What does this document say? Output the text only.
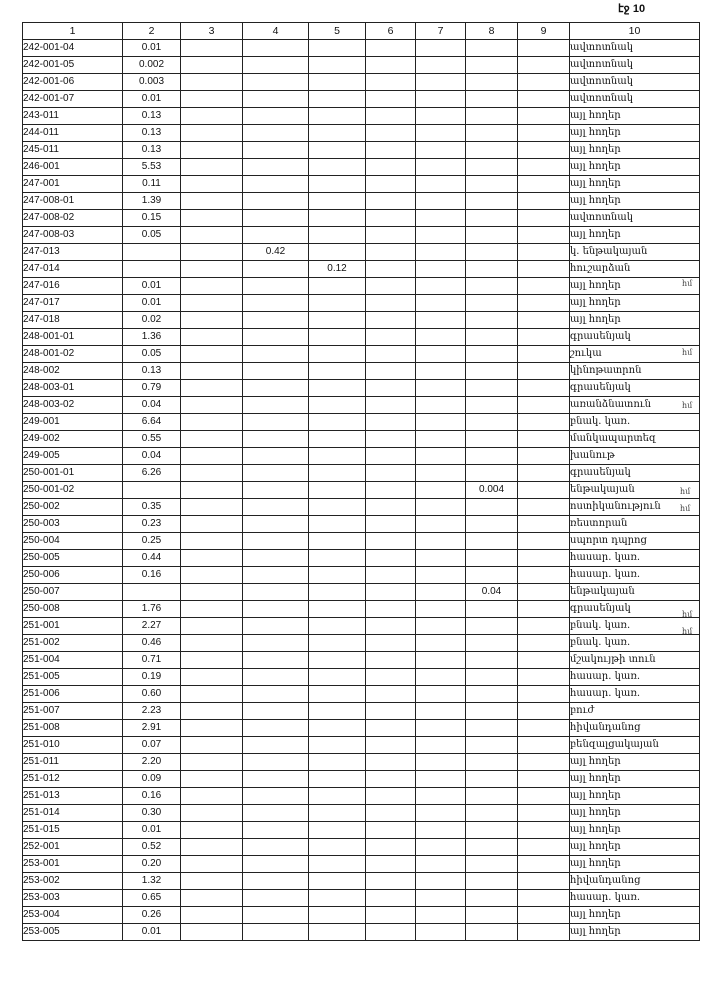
էջ 10
հմ
հմ
հմ
հմ
հմ
հմ
հմ
1	2	3	4	5	6	7	8	9	10
242-001-04	0.01								ավտոտնակ
242-001-05	0.002								ավտոտնակ
242-001-06	0.003								ավտոտնակ
242-001-07	0.01								ավտոտնակ
243-011	0.13								այլ հողեր
244-011	0.13								այլ հողեր
245-011	0.13								այլ հողեր
246-001	5.53								այլ հողեր
247-001	0.11								այլ հողեր
247-008-01	1.39								այլ հողեր
247-008-02	0.15								ավտոտնակ
247-008-03	0.05								այլ հողեր
247-013			0.42						կ. ենթակայան
247-014				0.12					հուշարձան
247-016	0.01								այլ հողեր
247-017	0.01								այլ հողեր
247-018	0.02								այլ հողեր
248-001-01	1.36								գրասենյակ
248-001-02	0.05								շուկա
248-002	0.13								կինոթատրոն
248-003-01	0.79								գրասենյակ
248-003-02	0.04								առանձնատուն
249-001	6.64								բնակ. կառ.
249-002	0.55								մանկապարտեզ
249-005	0.04								խանութ
250-001-01	6.26								գրասենյակ
250-001-02							0.004		ենթակայան
250-002	0.35								ոստիկանություն
250-003	0.23								ռեստորան
250-004	0.25								սպորտ դպրոց
250-005	0.44								հասար. կառ.
250-006	0.16								հասար. կառ.
250-007							0.04		ենթակայան
250-008	1.76								գրասենյակ
251-001	2.27								բնակ. կառ.
251-002	0.46								բնակ. կառ.
251-004	0.71								մշակույթի տուն
251-005	0.19								հասար. կառ.
251-006	0.60								հասար. կառ.
251-007	2.23								բուժ
251-008	2.91								հիվանդանոց
251-010	0.07								բենզալցակայան
251-011	2.20								այլ հողեր
251-012	0.09								այլ հողեր
251-013	0.16								այլ հողեր
251-014	0.30								այլ հողեր
251-015	0.01								այլ հողեր
252-001	0.52								այլ հողեր
253-001	0.20								այլ հողեր
253-002	1.32								հիվանդանոց
253-003	0.65								հասար. կառ.
253-004	0.26								այլ հողեր
253-005	0.01								այլ հողեր
